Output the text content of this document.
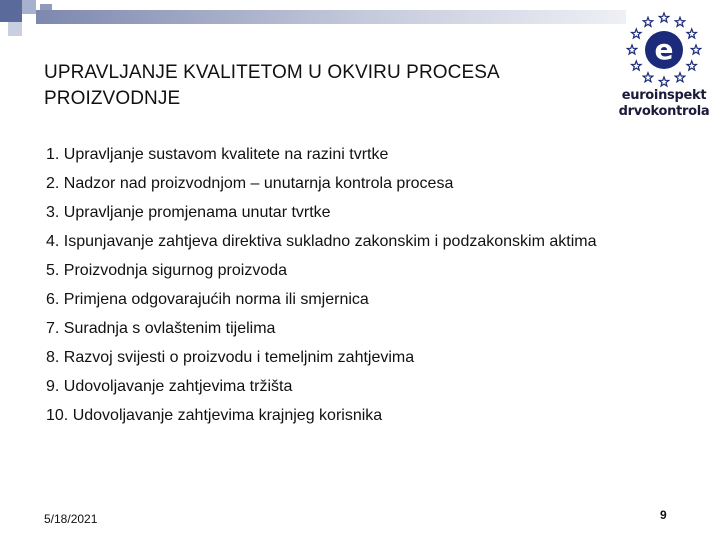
UPRAVLJANJE KVALITETOM U OKVIRU PROCESA
PROIZVODNJE
e
euroinspekt
drvokontrola
1. Upravljanje sustavom kvalitete na razini tvrtke
2. Nadzor nad proizvodnjom – unutarnja kontrola procesa
3. Upravljanje promjenama unutar tvrtke
4. Ispunjavanje zahtjeva direktiva sukladno zakonskim i podzakonskim aktima
5. Proizvodnja sigurnog proizvoda
6. Primjena odgovarajućih norma ili smjernica
7. Suradnja s ovlaštenim tijelima
8. Razvoj svijesti o proizvodu i temeljnim zahtjevima
9. Udovoljavanje zahtjevima tržišta
10. Udovoljavanje zahtjevima krajnjeg korisnika
5/18/2021	9
